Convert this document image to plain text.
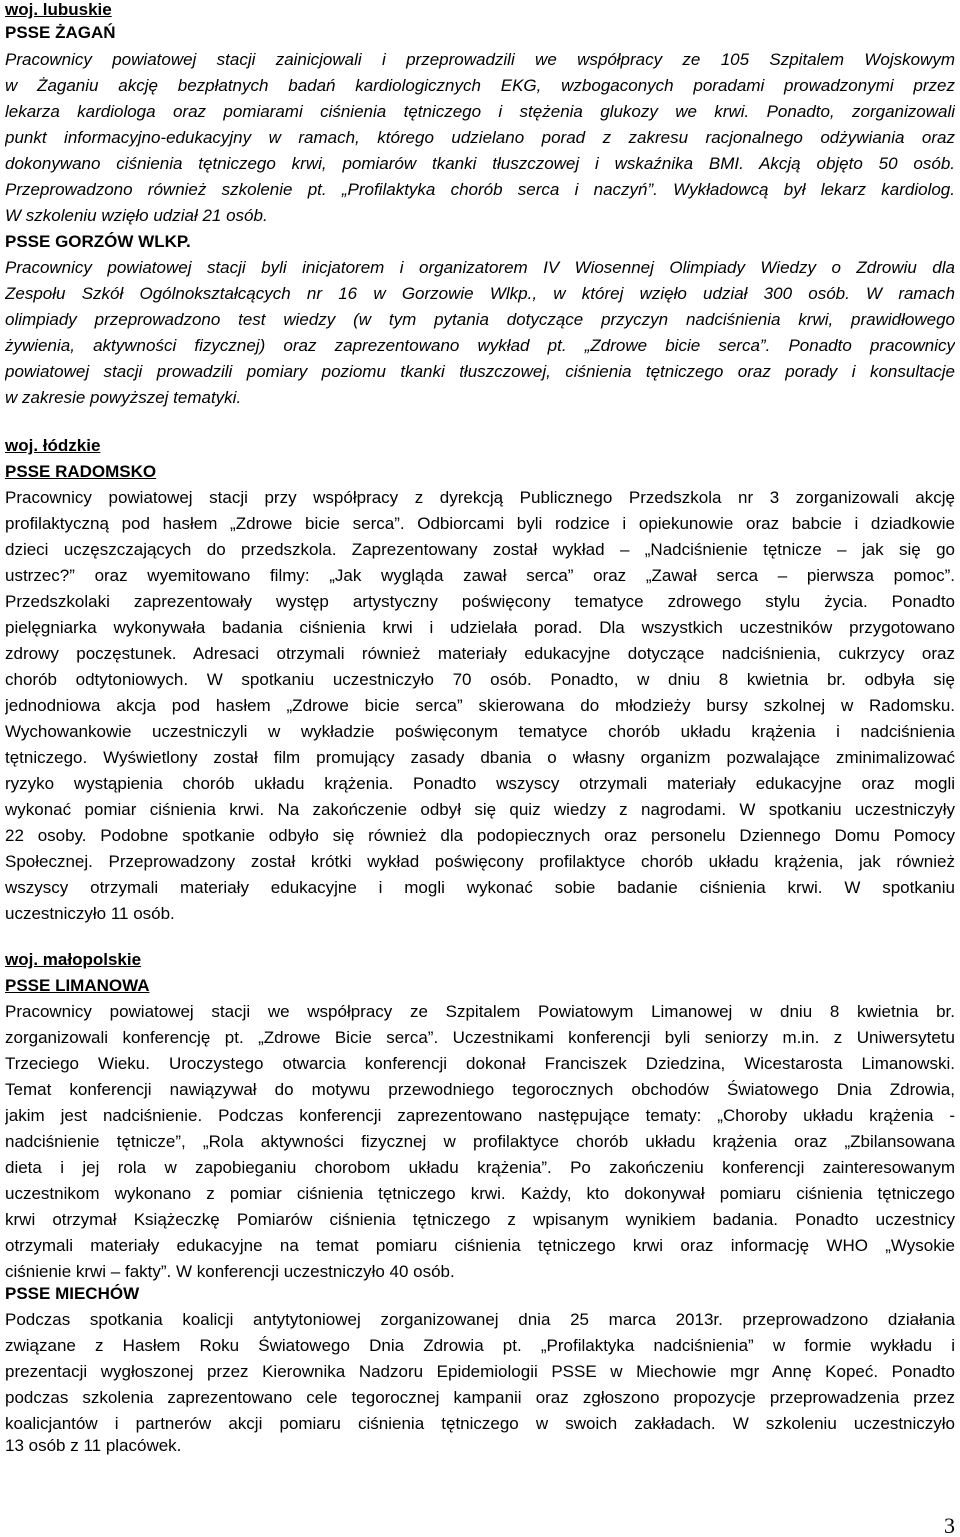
woj. lubuskie
PSSE ŻAGAŃ
Pracownicy powiatowej stacji zainicjowali i przeprowadzili we współpracy ze 105 Szpitalem Wojskowym
w Żaganiu akcję bezpłatnych badań kardiologicznych EKG, wzbogaconych poradami prowadzonymi przez
lekarza kardiologa oraz pomiarami ciśnienia tętniczego i stężenia glukozy we krwi. Ponadto, zorganizowali
punkt informacyjno-edukacyjny w ramach, którego udzielano porad z zakresu racjonalnego odżywiania oraz
dokonywano ciśnienia tętniczego krwi, pomiarów tkanki tłuszczowej i wskaźnika BMI. Akcją objęto 50 osób.
Przeprowadzono również szkolenie pt. „Profilaktyka chorób serca i naczyń”. Wykładowcą był lekarz kardiolog.
W szkoleniu wzięło udział 21 osób.
PSSE GORZÓW WLKP.
Pracownicy powiatowej stacji byli inicjatorem i organizatorem IV Wiosennej Olimpiady Wiedzy o Zdrowiu dla
Zespołu Szkół Ogólnokształcących nr 16 w Gorzowie Wlkp., w której wzięło udział 300 osób. W ramach
olimpiady przeprowadzono test wiedzy (w tym pytania dotyczące przyczyn nadciśnienia krwi, prawidłowego
żywienia, aktywności fizycznej) oraz zaprezentowano wykład pt. „Zdrowe bicie serca”. Ponadto pracownicy
powiatowej stacji prowadzili pomiary poziomu tkanki tłuszczowej, ciśnienia tętniczego oraz porady i konsultacje
w zakresie powyższej tematyki.
woj. łódzkie
PSSE RADOMSKO
Pracownicy powiatowej stacji przy współpracy z dyrekcją Publicznego Przedszkola nr 3 zorganizowali akcję
profilaktyczną pod hasłem „Zdrowe bicie serca”. Odbiorcami byli rodzice i opiekunowie oraz babcie i dziadkowie
dzieci uczęszczających do przedszkola. Zaprezentowany został wykład – „Nadciśnienie tętnicze – jak się go
ustrzec?” oraz wyemitowano filmy: „Jak wygląda zawał serca” oraz „Zawał serca – pierwsza pomoc”.
Przedszkolaki zaprezentowały występ artystyczny poświęcony tematyce zdrowego stylu życia. Ponadto
pielęgniarka wykonywała badania ciśnienia krwi i udzielała porad. Dla wszystkich uczestników przygotowano
zdrowy poczęstunek. Adresaci otrzymali również materiały edukacyjne dotyczące nadciśnienia, cukrzycy oraz
chorób odtytoniowych. W spotkaniu uczestniczyło 70 osób. Ponadto, w dniu 8 kwietnia br. odbyła się
jednodniowa akcja pod hasłem „Zdrowe bicie serca” skierowana do młodzieży bursy szkolnej w Radomsku.
Wychowankowie uczestniczyli w wykładzie poświęconym tematyce chorób układu krążenia i nadciśnienia
tętniczego. Wyświetlony został film promujący zasady dbania o własny organizm pozwalające zminimalizować
ryzyko wystąpienia chorób układu krążenia. Ponadto wszyscy otrzymali materiały edukacyjne oraz mogli
wykonać pomiar ciśnienia krwi. Na zakończenie odbył się quiz wiedzy z nagrodami. W spotkaniu uczestniczyły
22 osoby. Podobne spotkanie odbyło się również dla podopiecznych oraz personelu Dziennego Domu Pomocy
Społecznej. Przeprowadzony został krótki wykład poświęcony profilaktyce chorób układu krążenia, jak również
wszyscy otrzymali materiały edukacyjne i mogli wykonać sobie badanie ciśnienia krwi. W spotkaniu
uczestniczyło 11 osób.
woj. małopolskie
PSSE LIMANOWA
Pracownicy powiatowej stacji we współpracy ze Szpitalem Powiatowym Limanowej w dniu 8 kwietnia br.
zorganizowali konferencję pt. „Zdrowe Bicie serca”. Uczestnikami konferencji byli seniorzy m.in. z Uniwersytetu
Trzeciego Wieku. Uroczystego otwarcia konferencji dokonał Franciszek Dziedzina, Wicestarosta Limanowski.
Temat konferencji nawiązywał do motywu przewodniego tegorocznych obchodów Światowego Dnia Zdrowia,
jakim jest nadciśnienie. Podczas konferencji zaprezentowano następujące tematy: „Choroby układu krążenia -
nadciśnienie tętnicze”, „Rola aktywności fizycznej w profilaktyce chorób układu krążenia oraz „Zbilansowana
dieta i jej rola w zapobieganiu chorobom układu krążenia”. Po zakończeniu konferencji zainteresowanym
uczestnikom wykonano z pomiar ciśnienia tętniczego krwi. Każdy, kto dokonywał pomiaru ciśnienia tętniczego
krwi otrzymał Książeczkę Pomiarów ciśnienia tętniczego z wpisanym wynikiem badania. Ponadto uczestnicy
otrzymali materiały edukacyjne na temat pomiaru ciśnienia tętniczego krwi oraz informację WHO „Wysokie
ciśnienie krwi – fakty”. W konferencji uczestniczyło 40 osób.
PSSE MIECHÓW
Podczas spotkania koalicji antytytoniowej zorganizowanej dnia 25 marca 2013r. przeprowadzono działania
związane z Hasłem Roku Światowego Dnia Zdrowia pt. „Profilaktyka nadciśnienia” w formie wykładu i
prezentacji wygłoszonej przez Kierownika Nadzoru Epidemiologii PSSE w Miechowie mgr Annę Kopeć. Ponadto
podczas szkolenia zaprezentowano cele tegorocznej kampanii oraz zgłoszono propozycje przeprowadzenia przez
koalicjantów i partnerów akcji pomiaru ciśnienia tętniczego w swoich zakładach. W szkoleniu uczestniczyło
13 osób z 11 placówek.
3
